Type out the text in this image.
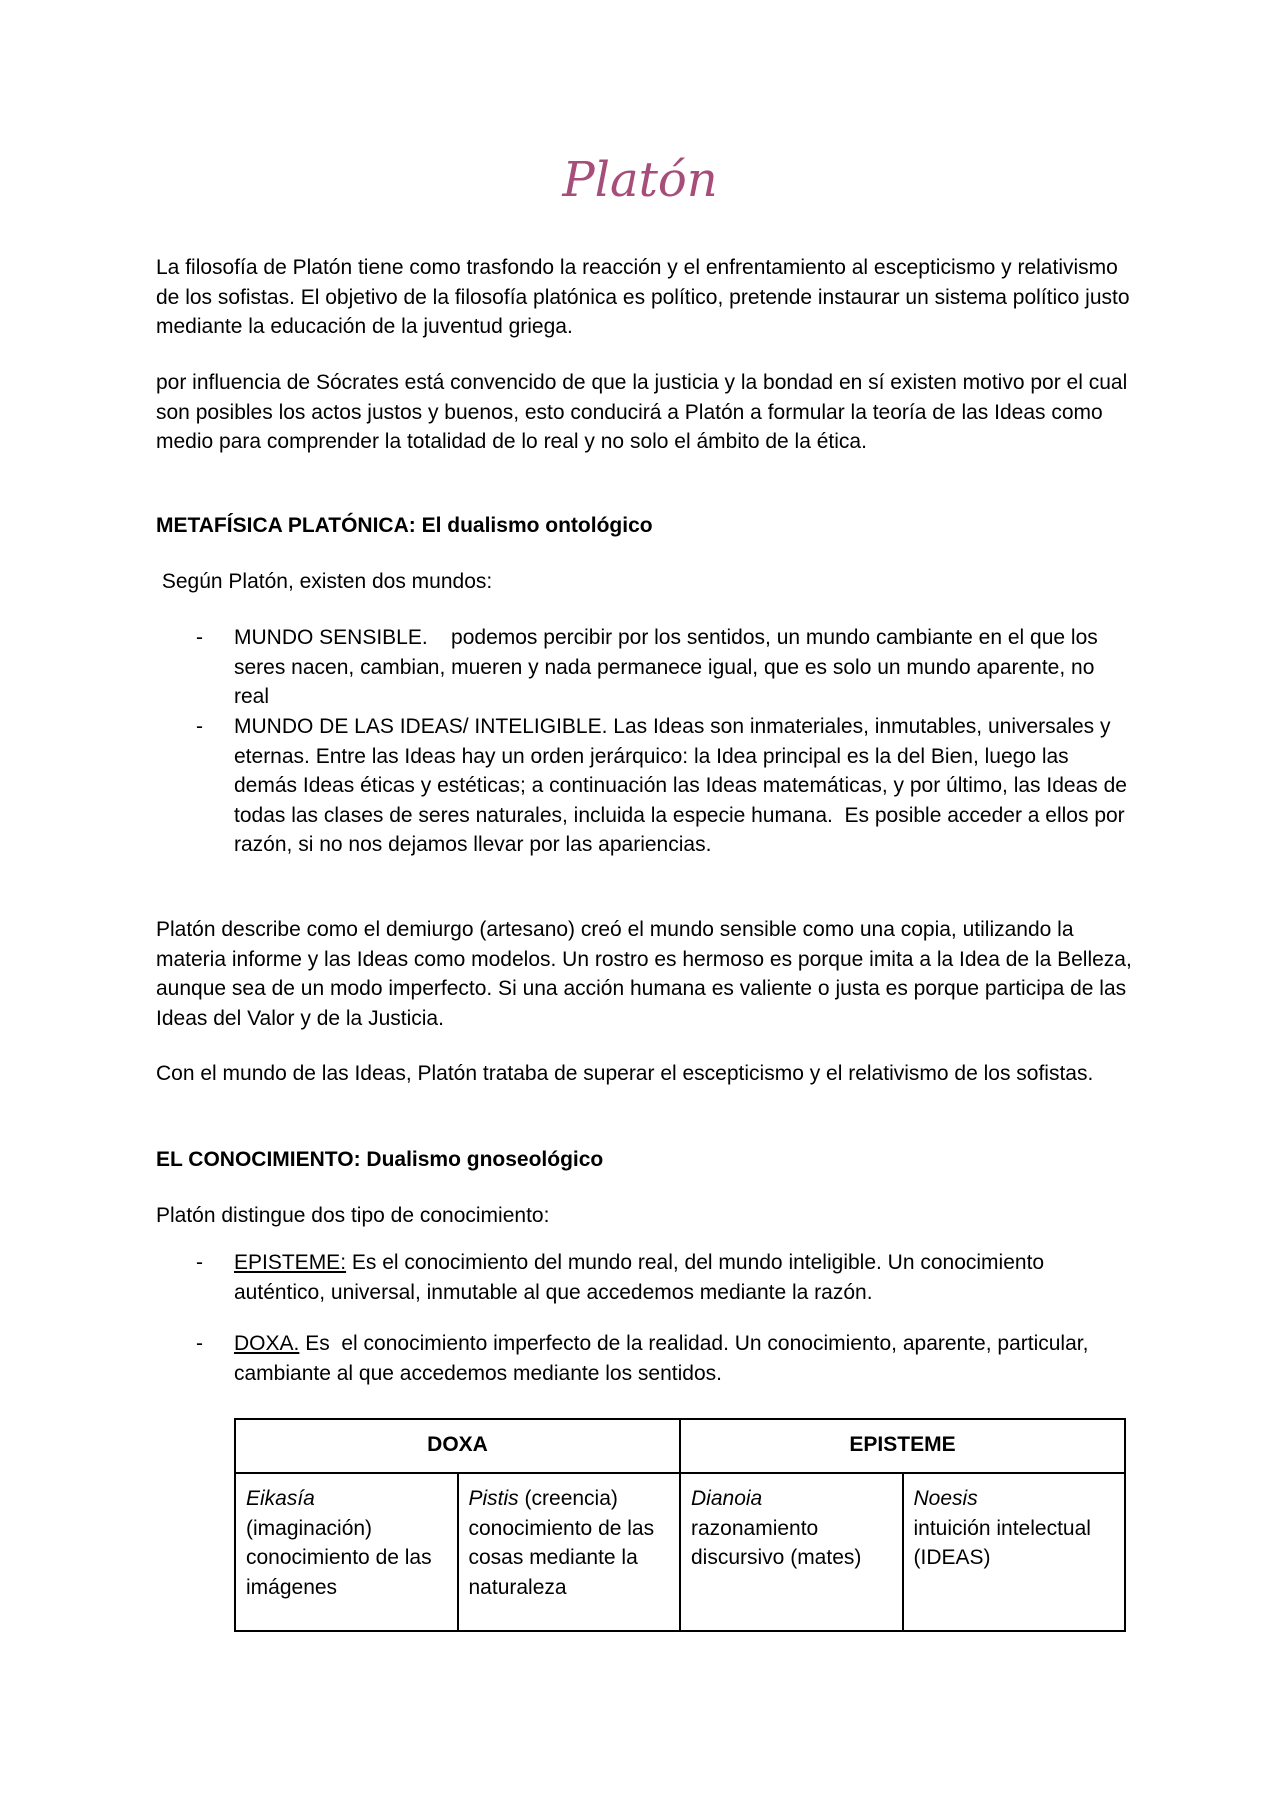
Platón

La filosofía de Platón tiene como trasfondo la reacción y el enfrentamiento al escepticismo y relativismo de los sofistas. El objetivo de la filosofía platónica es político, pretende instaurar un sistema político justo mediante la educación de la juventud griega.

por influencia de Sócrates está convencido de que la justicia y la bondad en sí existen motivo por el cual son posibles los actos justos y buenos, esto conducirá a Platón a formular la teoría de las Ideas como medio para comprender la totalidad de lo real y no solo el ámbito de la ética.

METAFÍSICA PLATÓNICA: El dualismo ontológico

Según Platón, existen dos mundos:

- MUNDO SENSIBLE.    podemos percibir por los sentidos, un mundo cambiante en el que los seres nacen, cambian, mueren y nada permanece igual, que es solo un mundo aparente, no real

- MUNDO DE LAS IDEAS/ INTELIGIBLE. Las Ideas son inmateriales, inmutables, universales y eternas. Entre las Ideas hay un orden jerárquico: la Idea principal es la del Bien, luego las demás Ideas éticas y estéticas; a continuación las Ideas matemáticas, y por último, las Ideas de todas las clases de seres naturales, incluida la especie humana.  Es posible acceder a ellos por razón, si no nos dejamos llevar por las apariencias.

Platón describe como el demiurgo (artesano) creó el mundo sensible como una copia, utilizando la materia informe y las Ideas como modelos. Un rostro es hermoso es porque imita a la Idea de la Belleza, aunque sea de un modo imperfecto. Si una acción humana es valiente o justa es porque participa de las Ideas del Valor y de la Justicia.

Con el mundo de las Ideas, Platón trataba de superar el escepticismo y el relativismo de los sofistas.

EL CONOCIMIENTO: Dualismo gnoseológico

Platón distingue dos tipo de conocimiento:

- EPISTEME: Es el conocimiento del mundo real, del mundo inteligible. Un conocimiento auténtico, universal, inmutable al que accedemos mediante la razón.

- DOXA. Es  el conocimiento imperfecto de la realidad. Un conocimiento, aparente, particular, cambiante al que accedemos mediante los sentidos.

DOXA	EPISTEME
Eikasía
(imaginación) conocimiento de las imágenes	Pistis (creencia) conocimiento de las cosas mediante la naturaleza	Dianoia
razonamiento discursivo (mates)	Noesis
intuición intelectual (IDEAS)
